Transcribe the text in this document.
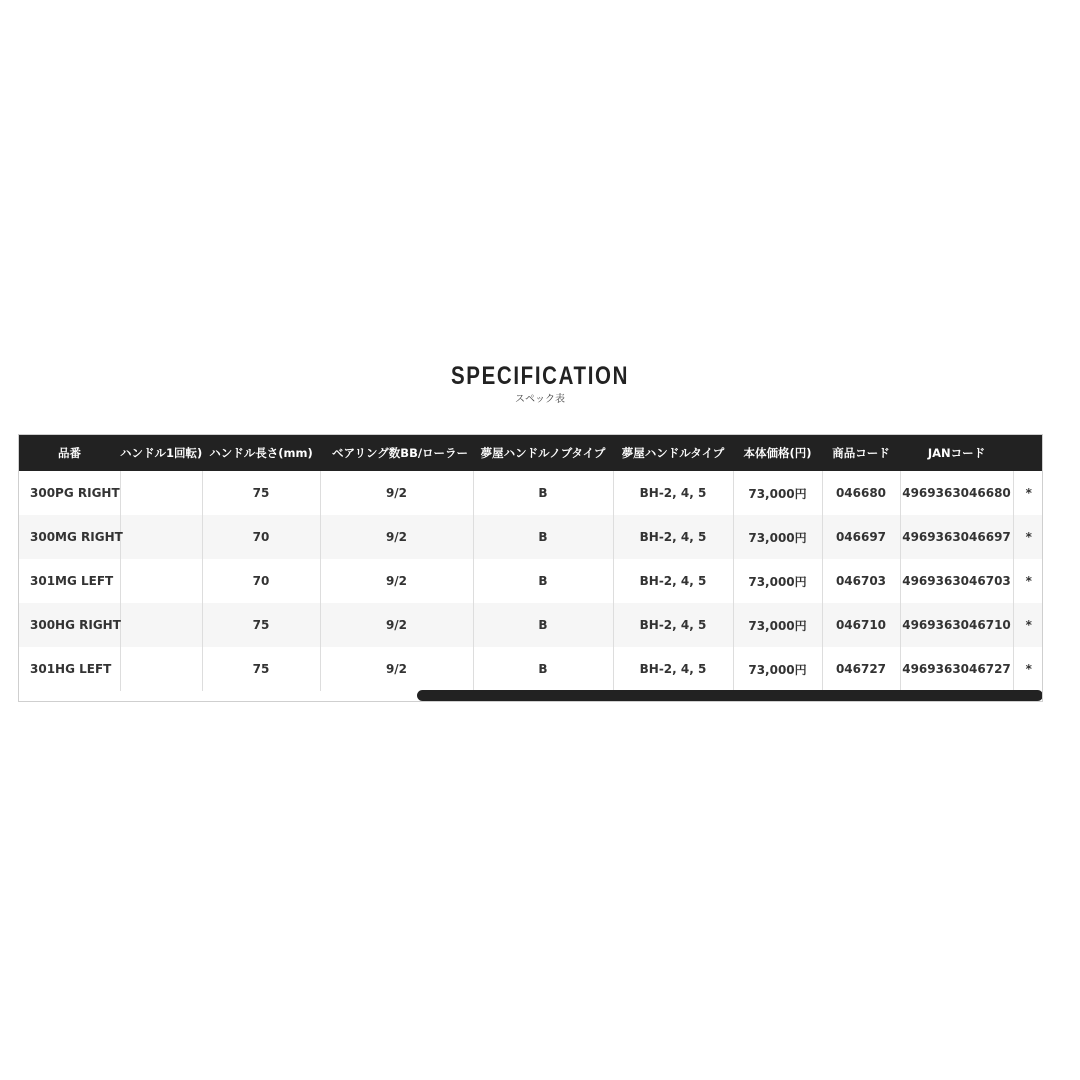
SPECIFICATION
スペック表
品番	ハンドル1回転)	ハンドル長さ(mm)	ベアリング数BB/ローラー	夢屋ハンドルノブタイプ	夢屋ハンドルタイプ	本体価格(円)	商品コード	JANコード	
300PG RIGHT		75	9/2	B	BH-2, 4, 5	73,000円	046680	4969363046680	*
300MG RIGHT		70	9/2	B	BH-2, 4, 5	73,000円	046697	4969363046697	*
301MG LEFT		70	9/2	B	BH-2, 4, 5	73,000円	046703	4969363046703	*
300HG RIGHT		75	9/2	B	BH-2, 4, 5	73,000円	046710	4969363046710	*
301HG LEFT		75	9/2	B	BH-2, 4, 5	73,000円	046727	4969363046727	*
